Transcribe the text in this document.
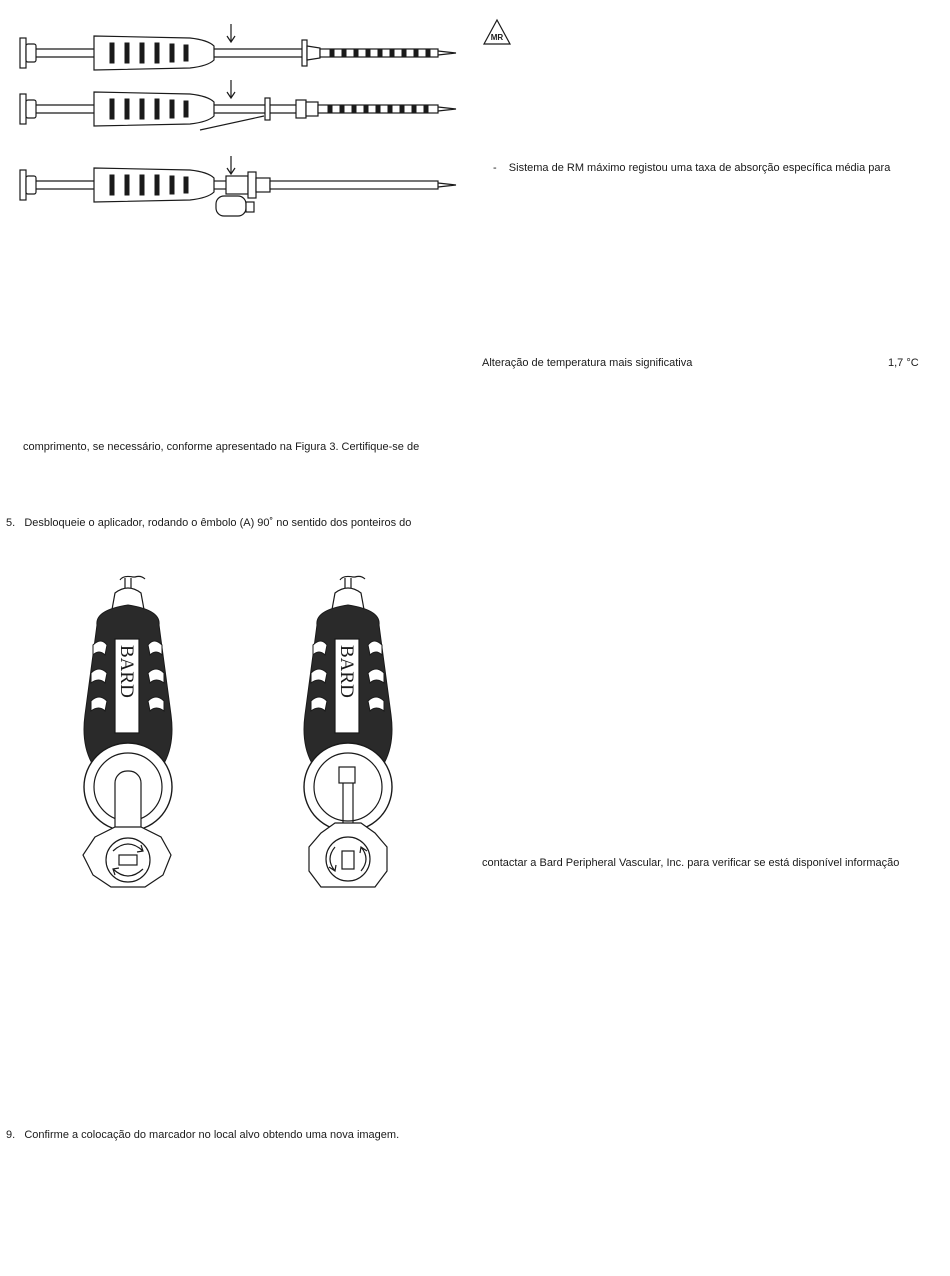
MR
- Sistema de RM máximo registou uma taxa de absorção específica média para
Alteração de temperatura mais significativa	1,7 °C
contactar a Bard Peripheral Vascular, Inc. para verificar se está disponível informação
comprimento, se necessário, conforme apresentado na Figura 3. Certifique-se de
5. Desbloqueie o aplicador, rodando o êmbolo (A) 90˚ no sentido dos ponteiros do
9. Confirme a colocação do marcador no local alvo obtendo uma nova imagem.
BARD	BARD
